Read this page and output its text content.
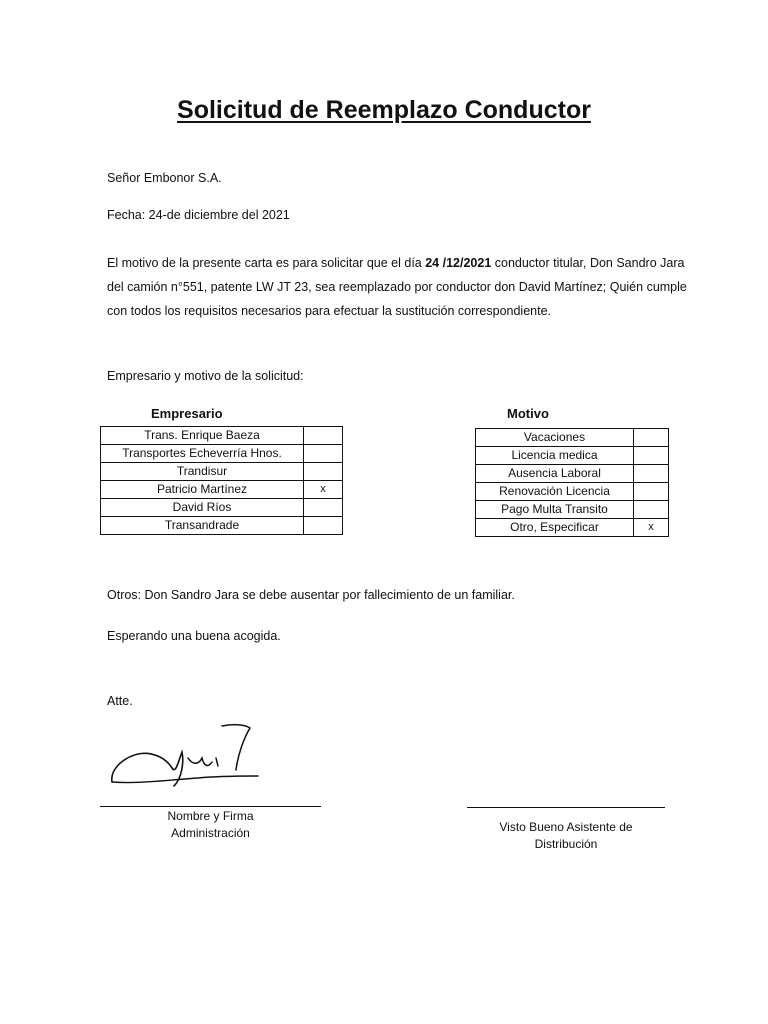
Solicitud de Reemplazo Conductor
Señor Embonor S.A.
Fecha: 24-de diciembre del 2021
El motivo de la presente carta es para solicitar que el día 24 /12/2021 conductor titular, Don Sandro Jara del camión n°551, patente LW JT 23, sea reemplazado por conductor don David Martínez; Quién cumple con todos los requisitos necesarios para efectuar la sustitución correspondiente.
Empresario y motivo de la solicitud:
Empresario
Trans. Enrique Baeza	
Transportes Echeverría Hnos.	
Trandisur	
Patricio Martínez	x
David Ríos	
Transandrade	
Motivo
Vacaciones	
Licencia medica	
Ausencia Laboral	
Renovación Licencia	
Pago Multa Transito	
Otro, Especificar	x
Otros: Don Sandro Jara se debe ausentar por fallecimiento de un familiar.
Esperando una buena acogida.
Atte.
Nombre y Firma
Administración	Visto Bueno Asistente de
Distribución
